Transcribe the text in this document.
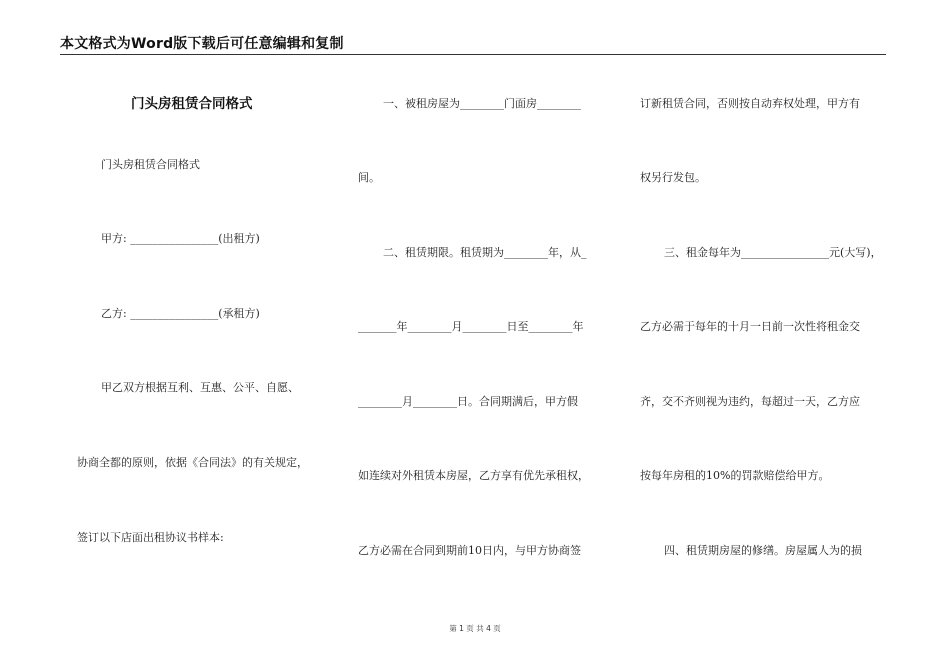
本文格式为Word版下载后可任意编辑和复制
门头房租赁合同格式
门头房租赁合同格式
甲方: ________________(出租方)
乙方: ________________(承租方)
甲乙双方根据互利、互惠、公平、自愿、
协商全都的原则，依据《合同法》的有关规定，
签订以下店面出租协议书样本:
一、被租房屋为________门面房________
间。
二、租赁期限。租赁期为________年，从_
_______年________月________日至________年
________月________日。合同期满后，甲方假
如连续对外租赁本房屋，乙方享有优先承租权，
乙方必需在合同到期前10日内，与甲方协商签
订新租赁合同，否则按自动弃权处理，甲方有
权另行发包。
三、租金每年为________________元(大写)，
乙方必需于每年的十月一日前一次性将租金交
齐，交不齐则视为违约，每超过一天，乙方应
按每年房租的10%的罚款赔偿给甲方。
四、租赁期房屋的修缮。房屋属人为的损
第 1 页 共 4 页
